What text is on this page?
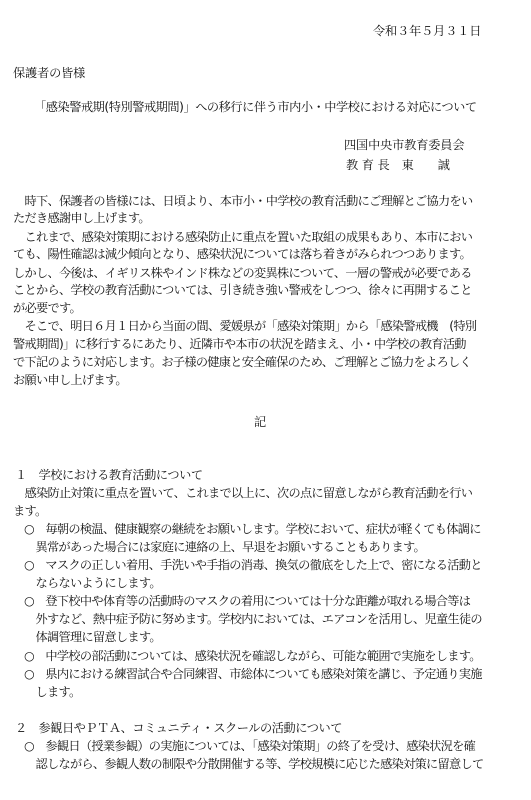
令和３年５月３１日
保護者の皆様
「感染警戒期(特別警戒期間)」への移行に伴う市内小・中学校における対応について
四国中央市教育委員会
教 育 長　東　　誠
　時下、保護者の皆様には、日頃より、本市小・中学校の教育活動にご理解とご協力をい
ただき感謝申し上げます。
　これまで、感染対策期における感染防止に重点を置いた取組の成果もあり、本市におい
ても、陽性確認は減少傾向となり、感染状況については落ち着きがみられつつあります。
しかし、今後は、イギリス株やインド株などの変異株について、一層の警戒が必要である
ことから、学校の教育活動については、引き続き強い警戒をしつつ、徐々に再開すること
が必要です。
　そこで、明日６月１日から当面の間、愛媛県が「感染対策期」から「感染警戒機　(特別
警戒期間)」に移行するにあたり、近隣市や本市の状況を踏まえ、小・中学校の教育活動
で下記のように対応します。お子様の健康と安全確保のため、ご理解とご協力をよろしく
お願い申し上げます。
記
１　学校における教育活動について
　感染防止対策に重点を置いて、これまで以上に、次の点に留意しながら教育活動を行い
ます。
○　毎朝の検温、健康観察の継続をお願いします。学校において、症状が軽くても体調に
　異常があった場合には家庭に連絡の上、早退をお願いすることもあります。
○　マスクの正しい着用、手洗いや手指の消毒、換気の徹底をした上で、密になる活動と
　ならないようにします。
○　登下校中や体育等の活動時のマスクの着用については十分な距離が取れる場合等は
　外すなど、熱中症予防に努めます。学校内においては、エアコンを活用し、児童生徒の
　体調管理に留意します。
○　中学校の部活動については、感染状況を確認しながら、可能な範囲で実施をします。
○　県内における練習試合や合同練習、市総体についても感染対策を講じ、予定通り実施
　します。
２　参観日やＰＴＡ、コミュニティ・スクールの活動について
○　参観日（授業参観）の実施については、「感染対策期」の終了を受け、感染状況を確
　認しながら、参観人数の制限や分散開催する等、学校規模に応じた感染対策に留意して
